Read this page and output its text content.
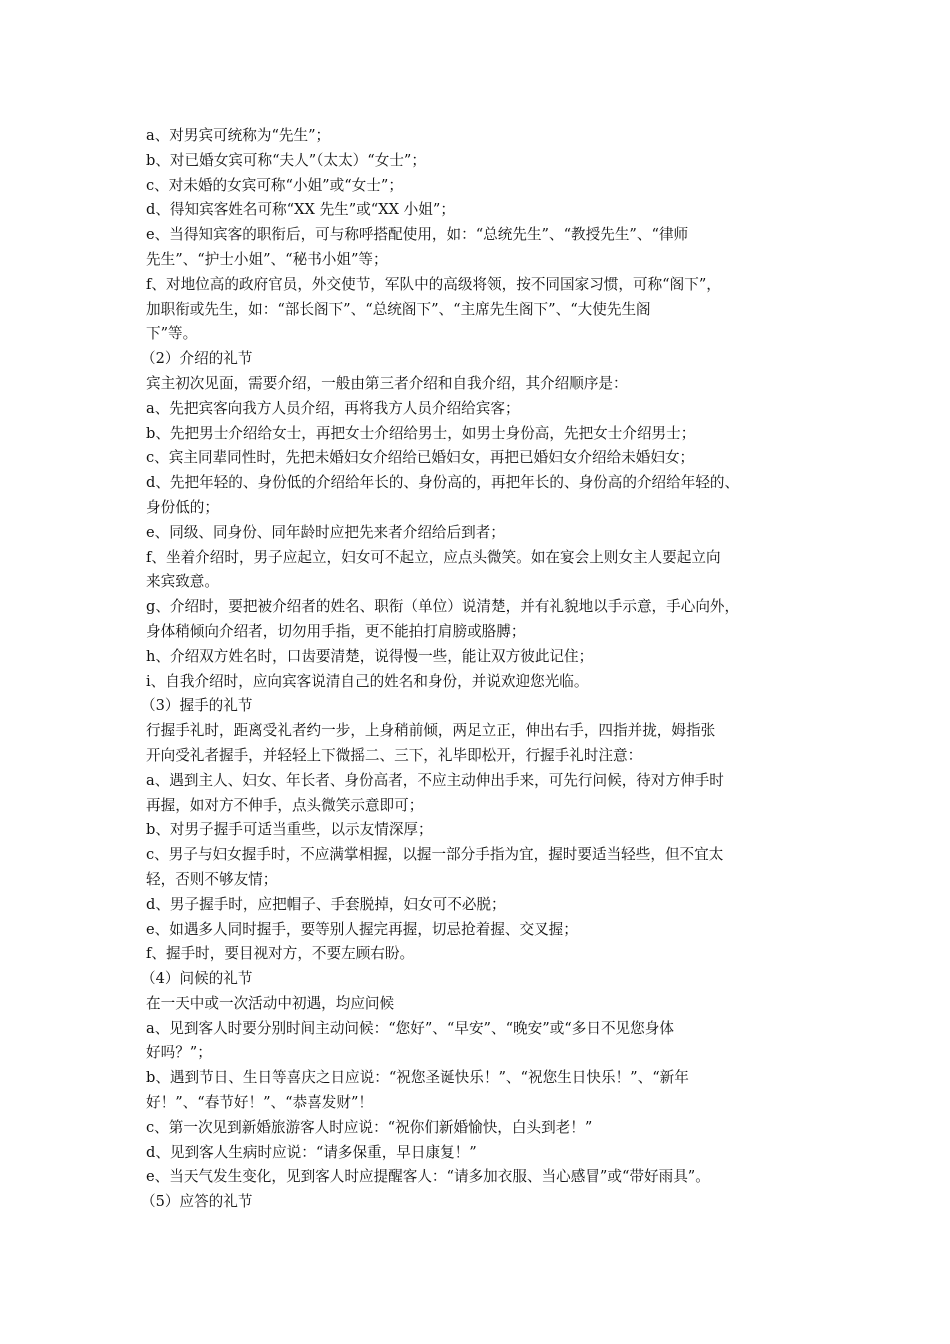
a、对男宾可统称为“先生”；
b、对已婚女宾可称“夫人”（太太）“女士”；
c、对未婚的女宾可称“小姐”或“女士”；
d、得知宾客姓名可称“XX 先生”或“XX 小姐”；
e、当得知宾客的职衔后，可与称呼搭配使用，如：“总统先生”、“教授先生”、“律师
先生”、“护士小姐”、“秘书小姐”等；
f、对地位高的政府官员，外交使节，军队中的高级将领，按不同国家习惯，可称“阁下”，
加职衔或先生，如：“部长阁下”、“总统阁下”、“主席先生阁下”、“大使先生阁
下”等。
（2）介绍的礼节
宾主初次见面，需要介绍，一般由第三者介绍和自我介绍，其介绍顺序是：
a、先把宾客向我方人员介绍，再将我方人员介绍给宾客；
b、先把男士介绍给女士，再把女士介绍给男士，如男士身份高，先把女士介绍男士；
c、宾主同辈同性时，先把未婚妇女介绍给已婚妇女，再把已婚妇女介绍给未婚妇女；
d、先把年轻的、身份低的介绍给年长的、身份高的，再把年长的、身份高的介绍给年轻的、
身份低的；
e、同级、同身份、同年龄时应把先来者介绍给后到者；
f、坐着介绍时，男子应起立，妇女可不起立，应点头微笑。如在宴会上则女主人要起立向
来宾致意。
g、介绍时，要把被介绍者的姓名、职衔（单位）说清楚，并有礼貌地以手示意，手心向外，
身体稍倾向介绍者，切勿用手指，更不能拍打肩膀或胳膊；
h、介绍双方姓名时，口齿要清楚，说得慢一些，能让双方彼此记住；
i、自我介绍时，应向宾客说清自己的姓名和身份，并说欢迎您光临。
（3）握手的礼节
行握手礼时，距离受礼者约一步，上身稍前倾，两足立正，伸出右手，四指并拢，姆指张
开向受礼者握手，并轻轻上下微摇二、三下，礼毕即松开，行握手礼时注意：
a、遇到主人、妇女、年长者、身份高者，不应主动伸出手来，可先行问候，待对方伸手时
再握，如对方不伸手，点头微笑示意即可；
b、对男子握手可适当重些，以示友情深厚；
c、男子与妇女握手时，不应满掌相握，以握一部分手指为宜，握时要适当轻些，但不宜太
轻，否则不够友情；
d、男子握手时，应把帽子、手套脱掉，妇女可不必脱；
e、如遇多人同时握手，要等别人握完再握，切忌抢着握、交叉握；
f、握手时，要目视对方，不要左顾右盼。
（4）问候的礼节
在一天中或一次活动中初遇，均应问候
a、见到客人时要分别时间主动问候：“您好”、“早安”、“晚安”或“多日不见您身体
好吗？”；
b、遇到节日、生日等喜庆之日应说：“祝您圣诞快乐！”、“祝您生日快乐！”、“新年
好！”、“春节好！”、“恭喜发财”！
c、第一次见到新婚旅游客人时应说：“祝你们新婚愉快，白头到老！”
d、见到客人生病时应说：“请多保重，早日康复！”
e、当天气发生变化，见到客人时应提醒客人：“请多加衣服、当心感冒”或“带好雨具”。
（5）应答的礼节
